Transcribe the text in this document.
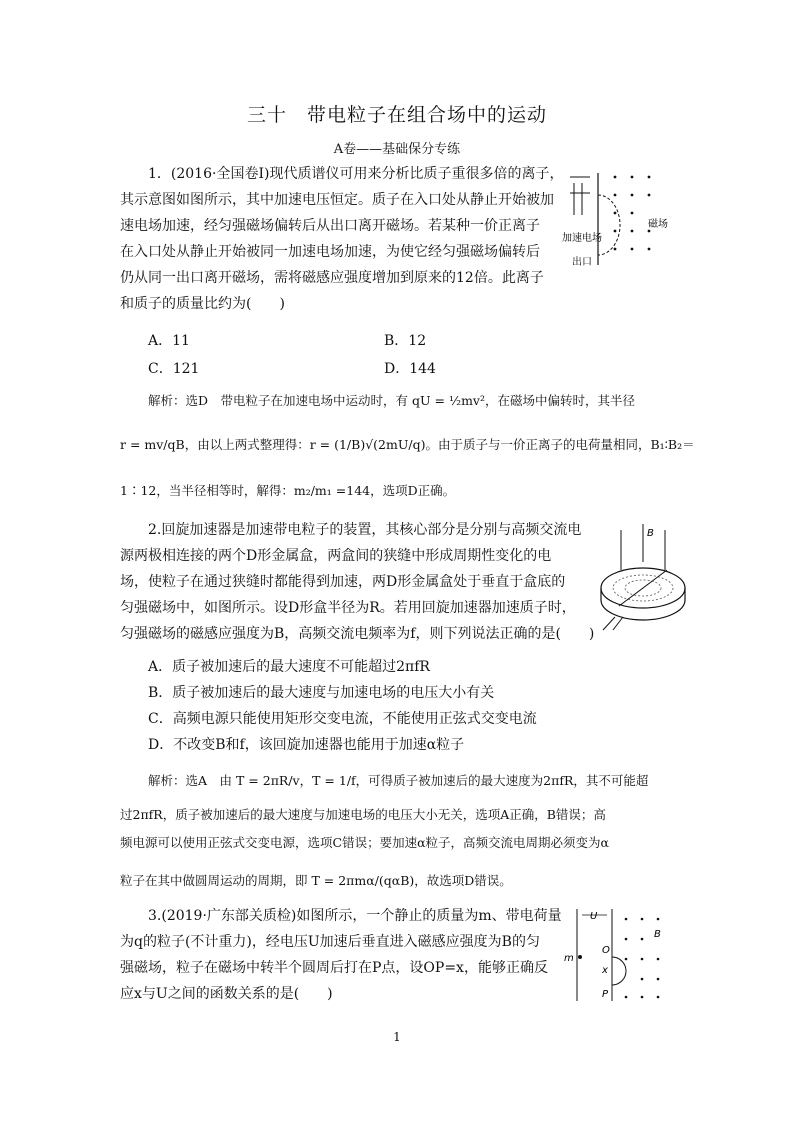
三十　带电粒子在组合场中的运动
A卷——基础保分专练
1．(2016·全国卷Ⅰ)现代质谱仪可用来分析比质子重很多倍的离子，
其示意图如图所示，其中加速电压恒定。质子在入口处从静止开始被加
速电场加速，经匀强磁场偏转后从出口离开磁场。若某种一价正离子
在入口处从静止开始被同一加速电场加速，为使它经匀强磁场偏转后
仍从同一出口离开磁场，需将磁感应强度增加到原来的12倍。此离子
和质子的质量比约为(　　)
A．11	B．12
C．121	D．144
解析：选D　带电粒子在加速电场中运动时，有 qU = ½mv²，在磁场中偏转时，其半径
r = mv/qB，由以上两式整理得：r = (1/B)√(2mU/q)。由于质子与一价正离子的电荷量相同，B₁∶B₂＝
1∶12，当半径相等时，解得：m₂/m₁ =144，选项D正确。
磁场
加速电场
出口
2.回旋加速器是加速带电粒子的装置，其核心部分是分别与高频交流电
源两极相连接的两个D形金属盒，两盒间的狭缝中形成周期性变化的电
场，使粒子在通过狭缝时都能得到加速，两D形金属盒处于垂直于盒底的
匀强磁场中，如图所示。设D形盒半径为R。若用回旋加速器加速质子时，
匀强磁场的磁感应强度为B，高频交流电频率为f，则下列说法正确的是(　　)
A．质子被加速后的最大速度不可能超过2πfR
B．质子被加速后的最大速度与加速电场的电压大小有关
C．高频电源只能使用矩形交变电流，不能使用正弦式交变电流
D．不改变B和f，该回旋加速器也能用于加速α粒子
解析：选A　由 T = 2πR/v，T = 1/f，可得质子被加速后的最大速度为2πfR，其不可能超
过2πfR，质子被加速后的最大速度与加速电场的电压大小无关，选项A正确，B错误；高
频电源可以使用正弦式交变电源，选项C错误；要加速α粒子，高频交流电周期必须变为α
粒子在其中做圆周运动的周期，即 T = 2πmα/(qαB)，故选项D错误。
B
3.(2019·广东部关质检)如图所示，一个静止的质量为m、带电荷量
为q的粒子(不计重力)，经电压U加速后垂直进入磁感应强度为B的匀
强磁场，粒子在磁场中转半个圆周后打在P点，设OP=x，能够正确反
应x与U之间的函数关系的是(　　)
U
m
O
x
P
B
1
